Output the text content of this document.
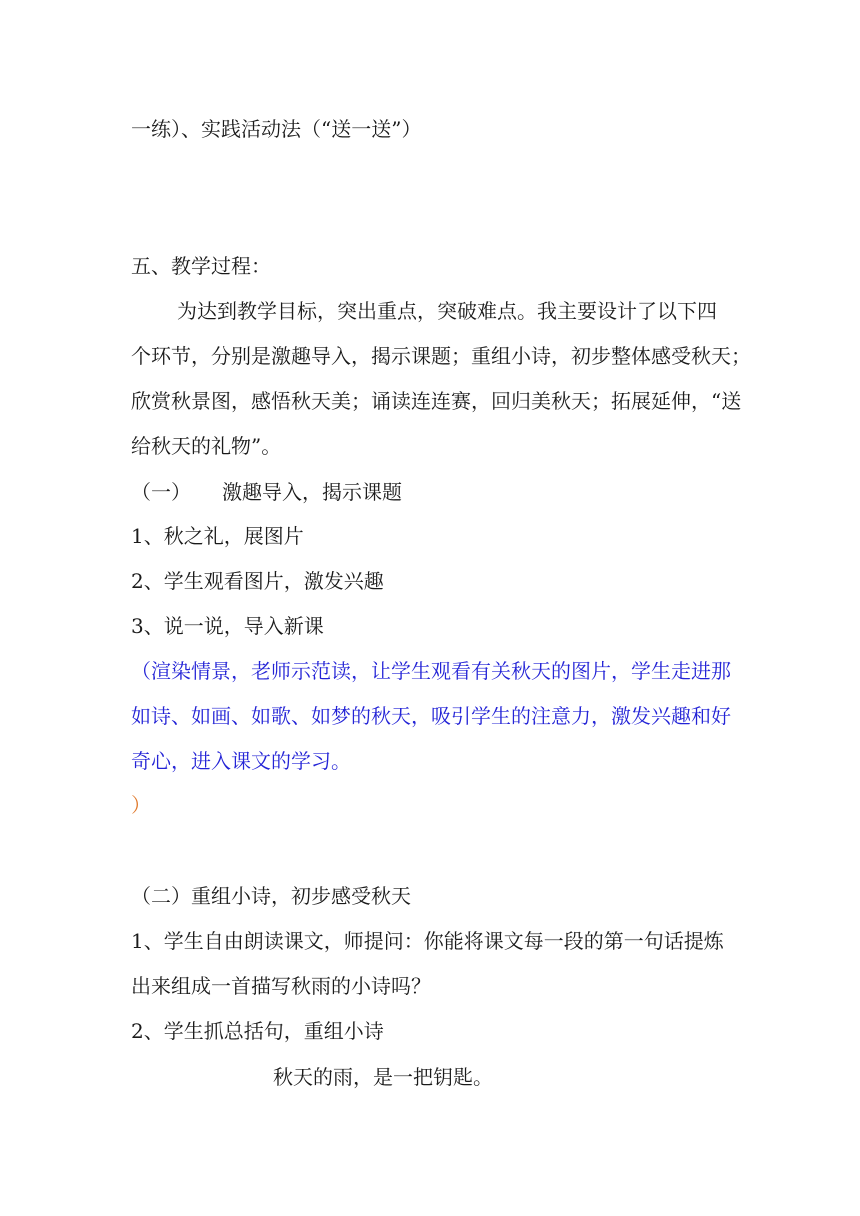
一练）、实践活动法（“送一送”）
五、教学过程：
为达到教学目标，突出重点，突破难点。我主要设计了以下四
个环节，分别是激趣导入，揭示课题；重组小诗，初步整体感受秋天；
欣赏秋景图，感悟秋天美；诵读连连赛，回归美秋天；拓展延伸，“送
给秋天的礼物”。
（一） 激趣导入，揭示课题
1、秋之礼，展图片
2、学生观看图片，激发兴趣
3、说一说，导入新课
（渲染情景，老师示范读，让学生观看有关秋天的图片，学生走进那
如诗、如画、如歌、如梦的秋天，吸引学生的注意力，激发兴趣和好
奇心，进入课文的学习。
）
（二）重组小诗，初步感受秋天
1、学生自由朗读课文，师提问：你能将课文每一段的第一句话提炼
出来组成一首描写秋雨的小诗吗？
2、学生抓总括句，重组小诗
秋天的雨，是一把钥匙。
